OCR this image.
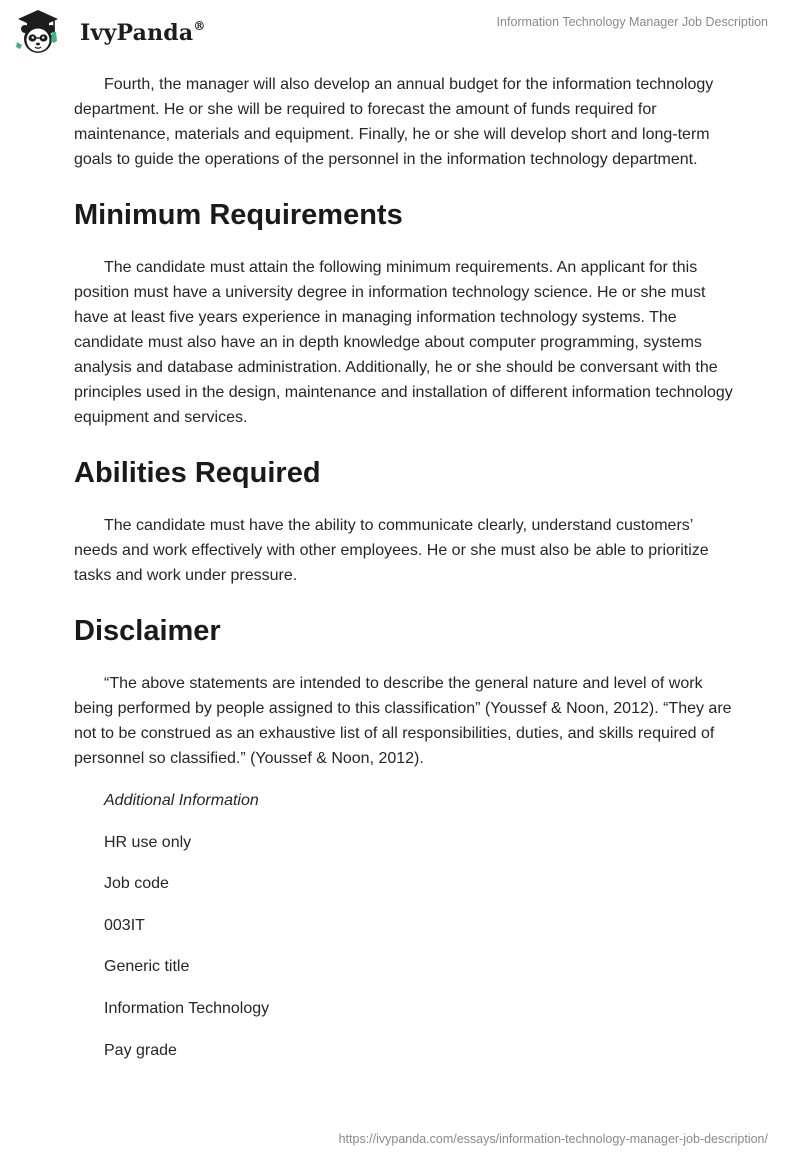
IvyPanda®	Information Technology Manager Job Description

Fourth, the manager will also develop an annual budget for the information technology department. He or she will be required to forecast the amount of funds required for maintenance, materials and equipment. Finally, he or she will develop short and long-term goals to guide the operations of the personnel in the information technology department.

Minimum Requirements

The candidate must attain the following minimum requirements. An applicant for this position must have a university degree in information technology science. He or she must have at least five years experience in managing information technology systems. The candidate must also have an in depth knowledge about computer programming, systems analysis and database administration. Additionally, he or she should be conversant with the principles used in the design, maintenance and installation of different information technology equipment and services.

Abilities Required

The candidate must have the ability to communicate clearly, understand customers’ needs and work effectively with other employees. He or she must also be able to prioritize tasks and work under pressure.

Disclaimer

“The above statements are intended to describe the general nature and level of work being performed by people assigned to this classification” (Youssef & Noon, 2012). “They are not to be construed as an exhaustive list of all responsibilities, duties, and skills required of personnel so classified.” (Youssef & Noon, 2012).

Additional Information

HR use only

Job code

003IT

Generic title

Information Technology

Pay grade

https://ivypanda.com/essays/information-technology-manager-job-description/
